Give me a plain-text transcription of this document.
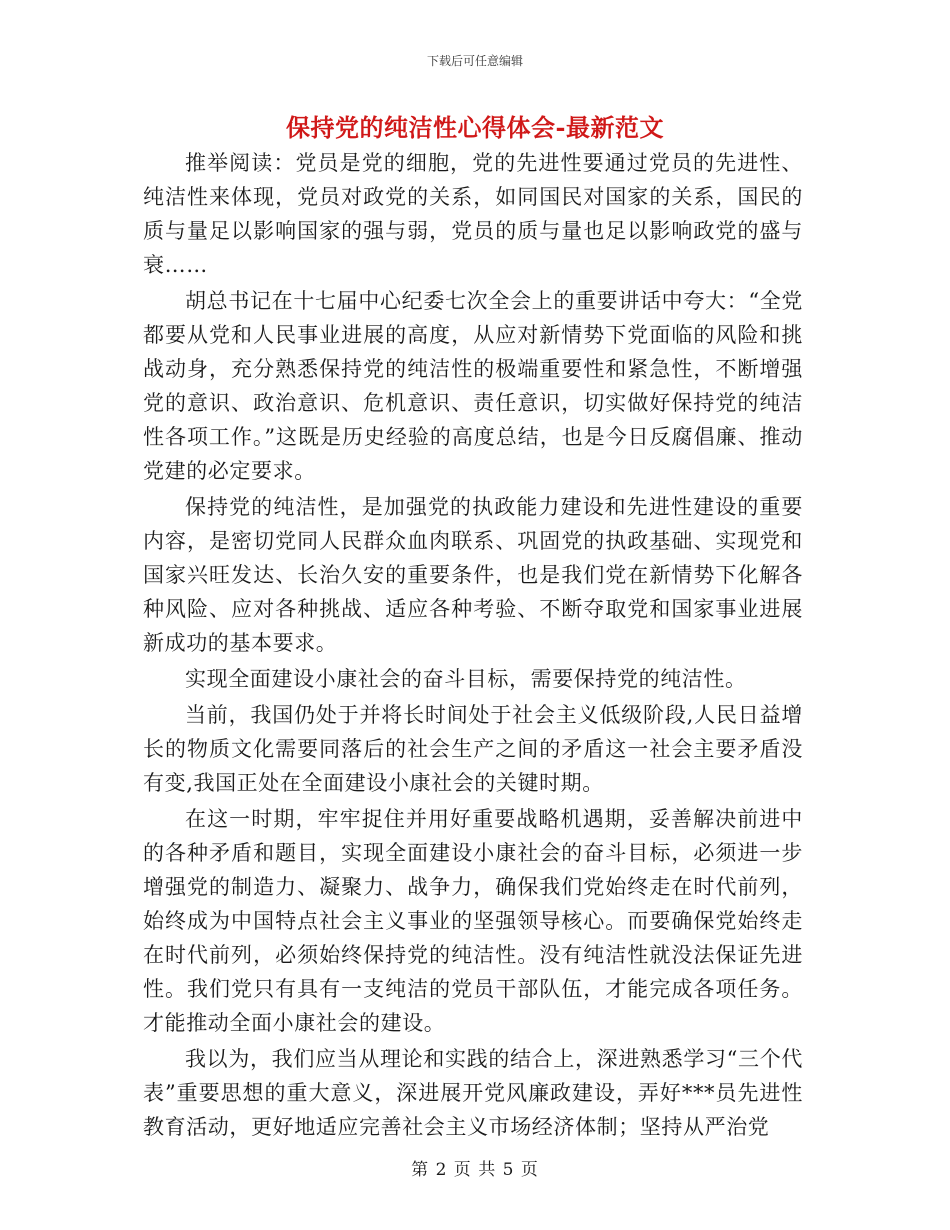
下载后可任意编辑
保持党的纯洁性心得体会-最新范文

推举阅读：党员是党的细胞，党的先进性要通过党员的先进性、纯洁性来体现，党员对政党的关系，如同国民对国家的关系，国民的质与量足以影响国家的强与弱，党员的质与量也足以影响政党的盛与衰……

胡总书记在十七届中心纪委七次全会上的重要讲话中夸大：“全党都要从党和人民事业进展的高度，从应对新情势下党面临的风险和挑战动身，充分熟悉保持党的纯洁性的极端重要性和紧急性，不断增强党的意识、政治意识、危机意识、责任意识，切实做好保持党的纯洁性各项工作。”这既是历史经验的高度总结，也是今日反腐倡廉、推动党建的必定要求。

保持党的纯洁性，是加强党的执政能力建设和先进性建设的重要内容，是密切党同人民群众血肉联系、巩固党的执政基础、实现党和国家兴旺发达、长治久安的重要条件，也是我们党在新情势下化解各种风险、应对各种挑战、适应各种考验、不断夺取党和国家事业进展新成功的基本要求。

实现全面建设小康社会的奋斗目标，需要保持党的纯洁性。

当前，我国仍处于并将长时间处于社会主义低级阶段,人民日益增长的物质文化需要同落后的社会生产之间的矛盾这一社会主要矛盾没有变,我国正处在全面建设小康社会的关键时期。

在这一时期，牢牢捉住并用好重要战略机遇期，妥善解决前进中的各种矛盾和题目，实现全面建设小康社会的奋斗目标，必须进一步增强党的制造力、凝聚力、战争力，确保我们党始终走在时代前列，始终成为中国特点社会主义事业的坚强领导核心。而要确保党始终走在时代前列，必须始终保持党的纯洁性。没有纯洁性就没法保证先进性。我们党只有具有一支纯洁的党员干部队伍，才能完成各项任务。才能推动全面小康社会的建设。

我以为，我们应当从理论和实践的结合上，深进熟悉学习“三个代表”重要思想的重大意义，深进展开党风廉政建设，弄好***员先进性教育活动，更好地适应完善社会主义市场经济体制；坚持从严治党

第 2 页 共 5 页
